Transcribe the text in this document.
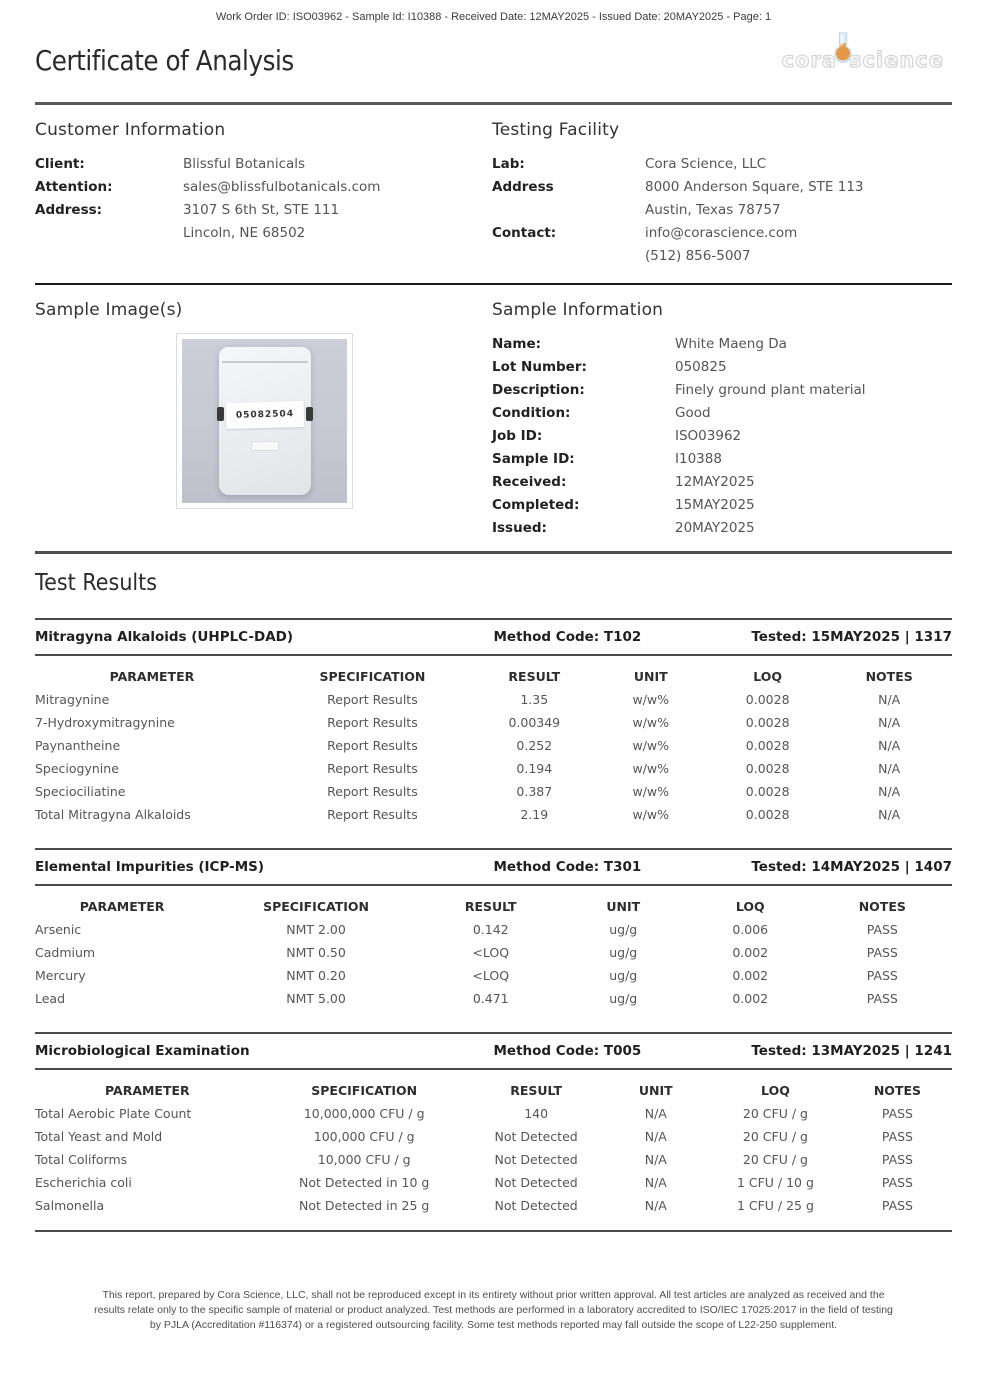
Work Order ID: ISO03962 - Sample Id: I10388 - Received Date: 12MAY2025 - Issued Date: 20MAY2025 - Page: 1
Certificate of Analysis	cora science
Customer Information
Client:	Blissful Botanicals
Attention:	sales@blissfulbotanicals.com
Address:	3107 S 6th St, STE 111
Lincoln, NE 68502
Testing Facility
Lab:	Cora Science, LLC
Address	8000 Anderson Square, STE 113
Austin, Texas 78757
Contact:	info@corascience.com
(512) 856-5007
Sample Image(s)
05082504
Sample Information
Name:	White Maeng Da
Lot Number:	050825
Description:	Finely ground plant material
Condition:	Good
Job ID:	ISO03962
Sample ID:	I10388
Received:	12MAY2025
Completed:	15MAY2025
Issued:	20MAY2025
Test Results
Mitragyna Alkaloids (UHPLC-DAD)	Method Code: T102	Tested: 15MAY2025 | 1317
PARAMETER	SPECIFICATION	RESULT	UNIT	LOQ	NOTES
Mitragynine	Report Results	1.35	w/w%	0.0028	N/A
7-Hydroxymitragynine	Report Results	0.00349	w/w%	0.0028	N/A
Paynantheine	Report Results	0.252	w/w%	0.0028	N/A
Speciogynine	Report Results	0.194	w/w%	0.0028	N/A
Speciociliatine	Report Results	0.387	w/w%	0.0028	N/A
Total Mitragyna Alkaloids	Report Results	2.19	w/w%	0.0028	N/A
Elemental Impurities (ICP-MS)	Method Code: T301	Tested: 14MAY2025 | 1407
PARAMETER	SPECIFICATION	RESULT	UNIT	LOQ	NOTES
Arsenic	NMT 2.00	0.142	ug/g	0.006	PASS
Cadmium	NMT 0.50	<LOQ	ug/g	0.002	PASS
Mercury	NMT 0.20	<LOQ	ug/g	0.002	PASS
Lead	NMT 5.00	0.471	ug/g	0.002	PASS
Microbiological Examination	Method Code: T005	Tested: 13MAY2025 | 1241
PARAMETER	SPECIFICATION	RESULT	UNIT	LOQ	NOTES
Total Aerobic Plate Count	10,000,000 CFU / g	140	N/A	20 CFU / g	PASS
Total Yeast and Mold	100,000 CFU / g	Not Detected	N/A	20 CFU / g	PASS
Total Coliforms	10,000 CFU / g	Not Detected	N/A	20 CFU / g	PASS
Escherichia coli	Not Detected in 10 g	Not Detected	N/A	1 CFU / 10 g	PASS
Salmonella	Not Detected in 25 g	Not Detected	N/A	1 CFU / 25 g	PASS
This report, prepared by Cora Science, LLC, shall not be reproduced except in its entirety without prior written approval. All test articles are analyzed as received and the
results relate only to the specific sample of material or product analyzed. Test methods are performed in a laboratory accredited to ISO/IEC 17025:2017 in the field of testing
by PJLA (Accreditation #116374) or a registered outsourcing facility. Some test methods reported may fall outside the scope of L22-250 supplement.
